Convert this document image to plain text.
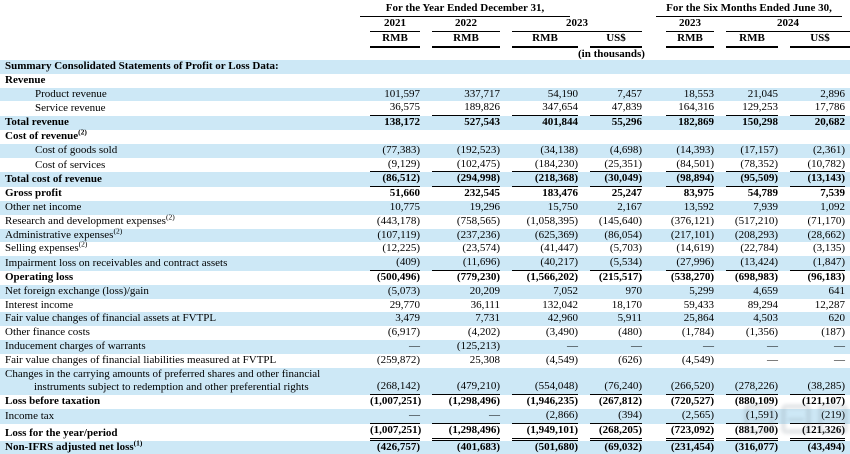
	For the Year Ended December 31,					For the Six Months Ended June 30,		

	2021	2022	2023			2023	2024	

	RMB	RMB	RMB	US$		RMB	RMB	US$

				(in thousands)				

Summary Consolidated Statements of Profit or Loss Data:	

Revenue	

Product revenue	101,597	337,717	54,190	7,457		18,553	21,045	2,896

Service revenue	36,575	189,826	347,654	47,839		164,316	129,253	17,786

Total revenue	138,172	527,543	401,844	55,296		182,869	150,298	20,682

Cost of revenue$^{(2)}$	

Cost of goods sold	(77,383)	(192,523)	(34,138)	(4,698)		(14,393)	(17,157)	(2,361)

Cost of services	(9,129)	(102,475)	(184,230)	(25,351)		(84,501)	(78,352)	(10,782)

Total cost of revenue	(86,512)	(294,998)	(218,368)	(30,049)		(98,894)	(95,509)	(13,143)

Gross profit	51,660	232,545	183,476	25,247		83,975	54,789	7,539

Other net income	10,775	19,296	15,750	2,167		13,592	7,939	1,092

Research and development expenses$^{(2)}$	(443,178)	(758,565)	(1,058,395)	(145,640)		(376,121)	(517,210)	(71,170)

Administrative expenses$^{(2)}$	(107,119)	(237,236)	(625,369)	(86,054)		(217,101)	(208,293)	(28,662)

Selling expenses$^{(2)}$	(12,225)	(23,574)	(41,447)	(5,703)		(14,619)	(22,784)	(3,135)

Impairment loss on receivables and contract assets	(409)	(11,696)	(40,217)	(5,534)		(27,996)	(13,424)	(1,847)

Operating loss	(500,496)	(779,230)	(1,566,202)	(215,517)		(538,270)	(698,983)	(96,183)

Net foreign exchange (loss)/gain	(5,073)	20,209	7,052	970		5,299	4,659	641

Interest income	29,770	36,111	132,042	18,170		59,433	89,294	12,287

Fair value changes of financial assets at FVTPL	3,479	7,731	42,960	5,911		25,864	4,503	620

Other finance costs	(6,917)	(4,202)	(3,490)	(480)		(1,784)	(1,356)	(187)

Inducement charges of warrants	—	(125,213)	—	—		—	—	—

Fair value changes of financial liabilities measured at FVTPL	(259,872)	25,308	(4,549)	(626)		(4,549)	—	—

Changes in the carrying amounts of preferred shares and other financial instruments subject to redemption and other preferential rights	(268,142)	(479,210)	(554,048)	(76,240)		(266,520)	(278,226)	(38,285)

Loss before taxation	(1,007,251)	(1,298,496)	(1,946,235)	(267,812)		(720,527)	(880,109)	(121,107)

Income tax	—	—	(2,866)	(394)		(2,565)	(1,591)	(219)

Loss for the year/period	(1,007,251)	(1,298,496)	(1,949,101)	(268,205)		(723,092)	(881,700)	(121,326)

Non-IFRS adjusted net loss$^{(1)}$	(426,757)	(401,683)	(501,680)	(69,032)		(231,454)	(316,077)	(43,494)
